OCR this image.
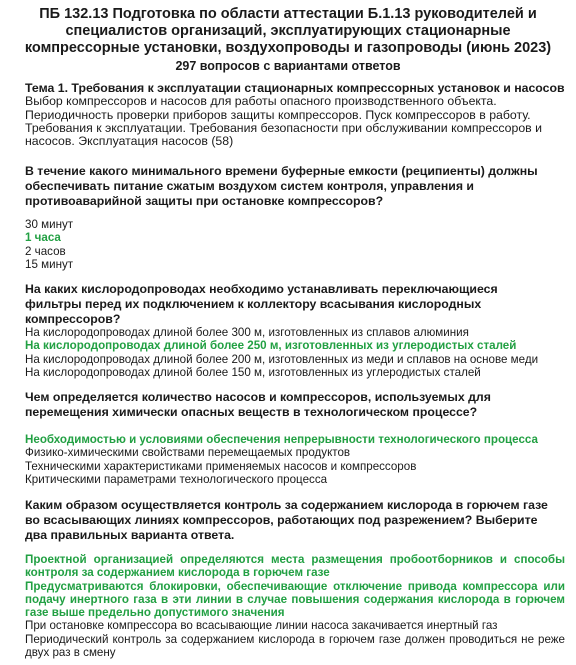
ПБ 132.13 Подготовка по области аттестации Б.1.13 руководителей и специалистов организаций, эксплуатирующих стационарные компрессорные установки, воздухопроводы и газопроводы (июнь 2023)
297 вопросов с вариантами ответов
Тема 1. Требования к эксплуатации стационарных компрессорных установок и насосов
Выбор компрессоров и насосов для работы опасного производственного объекта. Периодичность проверки приборов защиты компрессоров. Пуск компрессоров в работу. Требования к эксплуатации. Требования безопасности при обслуживании компрессоров и насосов. Эксплуатация насосов (58)
В течение какого минимального времени буферные емкости (реципиенты) должны обеспечивать питание сжатым воздухом систем контроля, управления и противоаварийной защиты при остановке компрессоров?
30 минут
1 часа
2 часов
15 минут
На каких кислородопроводах необходимо устанавливать переключающиеся фильтры перед их подключением к коллектору всасывания кислородных компрессоров?
На кислородопроводах длиной более 300 м, изготовленных из сплавов алюминия
На кислородопроводах длиной более 250 м, изготовленных из углеродистых сталей
На кислородопроводах длиной более 200 м, изготовленных из меди и сплавов на основе меди
На кислородопроводах длиной более 150 м, изготовленных из углеродистых сталей
Чем определяется количество насосов и компрессоров, используемых для перемещения химически опасных веществ в технологическом процессе?
Необходимостью и условиями обеспечения непрерывности технологического процесса
Физико-химическими свойствами перемещаемых продуктов
Техническими характеристиками применяемых насосов и компрессоров
Критическими параметрами технологического процесса
Каким образом осуществляется контроль за содержанием кислорода в горючем газе во всасывающих линиях компрессоров, работающих под разрежением? Выберите два правильных варианта ответа.
Проектной организацией определяются места размещения пробоотборников и способы контроля за содержанием кислорода в горючем газе
Предусматриваются блокировки, обеспечивающие отключение привода компрессора или подачу инертного газа в эти линии в случае повышения содержания кислорода в горючем газе выше предельно допустимого значения
При остановке компрессора во всасывающие линии насоса закачивается инертный газ
Периодический контроль за содержанием кислорода в горючем газе должен проводиться не реже двух раз в смену
